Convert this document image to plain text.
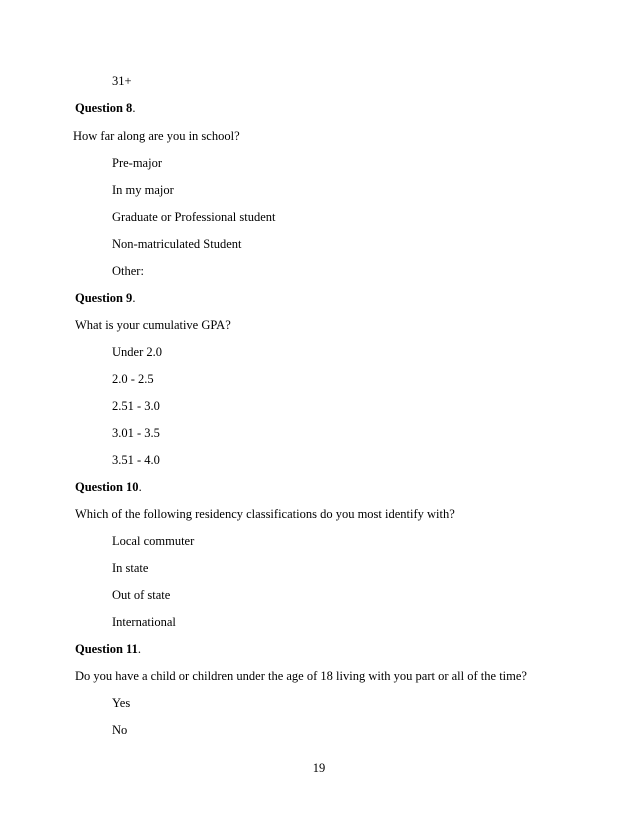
31+
Question 8.
How far along are you in school?
Pre-major
In my major
Graduate or Professional student
Non-matriculated Student
Other:
Question 9.
What is your cumulative GPA?
Under 2.0
2.0 - 2.5
2.51 - 3.0
3.01 - 3.5
3.51 - 4.0
Question 10.
Which of the following residency classifications do you most identify with?
Local commuter
In state
Out of state
International
Question 11.
Do you have a child or children under the age of 18 living with you part or all of the time?
Yes
No
19
